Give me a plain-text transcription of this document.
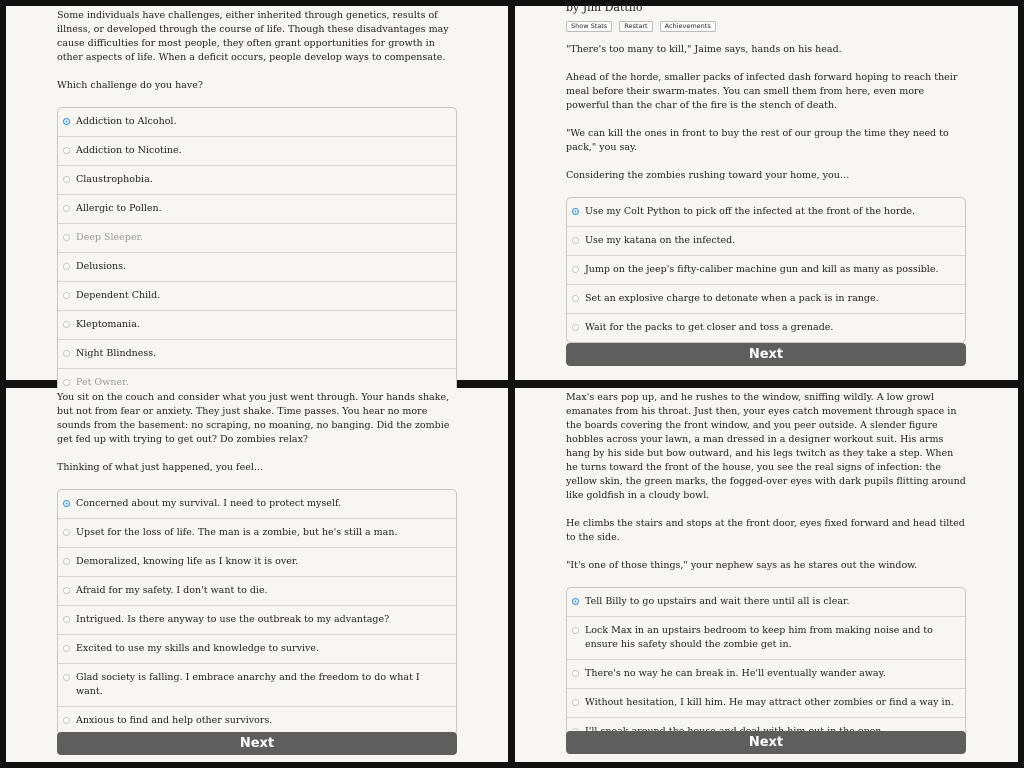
Some individuals have challenges, either inherited through genetics, results of illness, or developed through the course of life. Though these disadvantages may cause difficulties for most people, they often grant opportunities for growth in other aspects of life. When a deficit occurs, people develop ways to compensate.

Which challenge do you have?

Addiction to Alcohol.
Addiction to Nicotine.
Claustrophobia.
Allergic to Pollen.
Deep Sleeper.
Delusions.
Dependent Child.
Kleptomania.
Night Blindness.
Pet Owner.
by Jim Dattilo
Show Stats	Restart	Achievements

"There's too many to kill," Jaime says, hands on his head.

Ahead of the horde, smaller packs of infected dash forward hoping to reach their meal before their swarm-mates. You can smell them from here, even more powerful than the char of the fire is the stench of death.

"We can kill the ones in front to buy the rest of our group the time they need to pack," you say.

Considering the zombies rushing toward your home, you…

Use my Colt Python to pick off the infected at the front of the horde.
Use my katana on the infected.
Jump on the jeep's fifty-caliber machine gun and kill as many as possible.
Set an explosive charge to detonate when a pack is in range.
Wait for the packs to get closer and toss a grenade.
Next

You sit on the couch and consider what you just went through. Your hands shake, but not from fear or anxiety. They just shake. Time passes. You hear no more sounds from the basement: no scraping, no moaning, no banging. Did the zombie get fed up with trying to get out? Do zombies relax?

Thinking of what just happened, you feel…

Concerned about my survival. I need to protect myself.
Upset for the loss of life. The man is a zombie, but he's still a man.
Demoralized, knowing life as I know it is over.
Afraid for my safety. I don't want to die.
Intrigued. Is there anyway to use the outbreak to my advantage?
Excited to use my skills and knowledge to survive.
Glad society is falling. I embrace anarchy and the freedom to do what I want.
Anxious to find and help other survivors.
Next

Max's ears pop up, and he rushes to the window, sniffing wildly. A low growl emanates from his throat. Just then, your eyes catch movement through space in the boards covering the front window, and you peer outside. A slender figure hobbles across your lawn, a man dressed in a designer workout suit. His arms hang by his side but bow outward, and his legs twitch as they take a step. When he turns toward the front of the house, you see the real signs of infection: the yellow skin, the green marks, the fogged-over eyes with dark pupils flitting around like goldfish in a cloudy bowl.

He climbs the stairs and stops at the front door, eyes fixed forward and head tilted to the side.

"It's one of those things," your nephew says as he stares out the window.

Tell Billy to go upstairs and wait there until all is clear.
Lock Max in an upstairs bedroom to keep him from making noise and to ensure his safety should the zombie get in.
There's no way he can break in. He'll eventually wander away.
Without hesitation, I kill him. He may attract other zombies or find a way in.
Next
